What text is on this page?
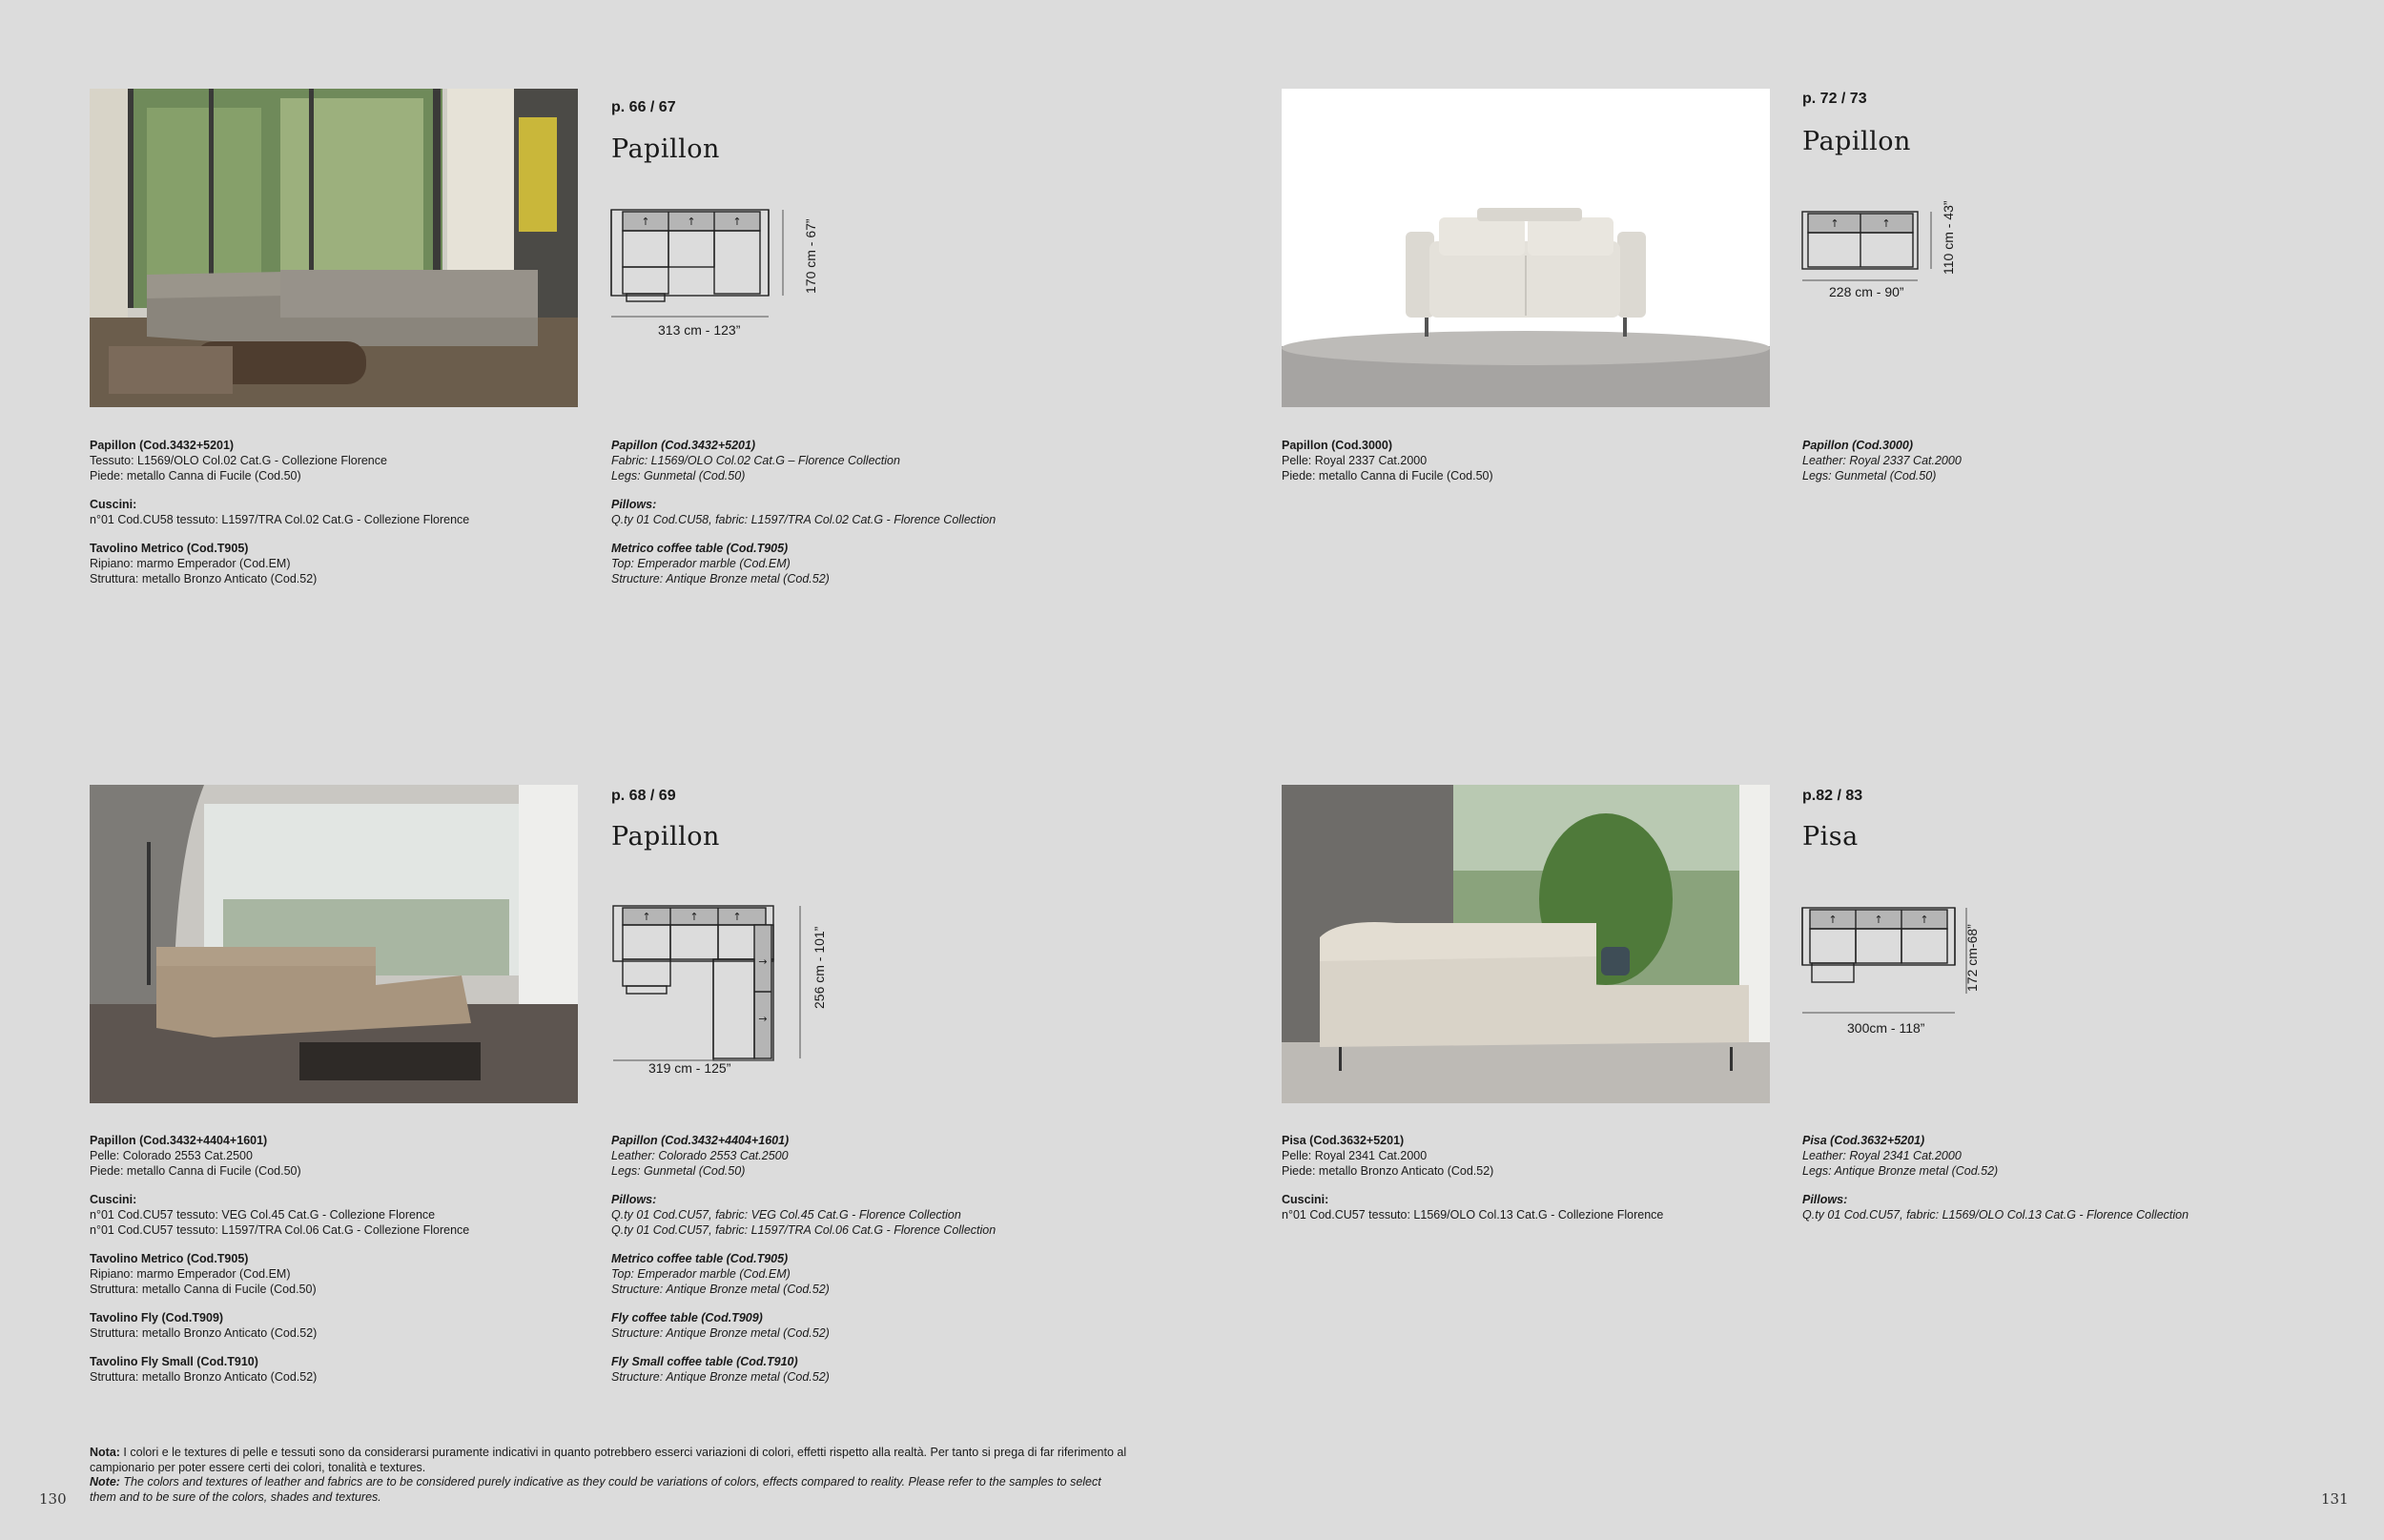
p. 66 / 67
Papillon
↑	↑	↑
313 cm - 123”
170 cm - 67”
Papillon (Cod.3432+5201)
Tessuto: L1569/OLO Col.02 Cat.G - Collezione Florence
Piede: metallo Canna di Fucile (Cod.50)
Cuscini:
n°01 Cod.CU58 tessuto: L1597/TRA Col.02 Cat.G - Collezione Florence
Tavolino Metrico (Cod.T905)
Ripiano: marmo Emperador (Cod.EM)
Struttura: metallo Bronzo Anticato (Cod.52)
Papillon (Cod.3432+5201)
Fabric: L1569/OLO Col.02 Cat.G – Florence Collection
Legs: Gunmetal (Cod.50)
Pillows:
Q.ty 01 Cod.CU58, fabric: L1597/TRA Col.02 Cat.G - Florence Collection
Metrico coffee table (Cod.T905)
Top: Emperador marble (Cod.EM)
Structure: Antique Bronze metal (Cod.52)
p. 72 / 73
Papillon
↑	↑
228 cm - 90”
110 cm - 43”
Papillon (Cod.3000)
Pelle: Royal 2337 Cat.2000
Piede: metallo Canna di Fucile (Cod.50)
Papillon (Cod.3000)
Leather: Royal 2337 Cat.2000
Legs: Gunmetal (Cod.50)
p. 68 / 69
Papillon
↑	↑	↑
→
→
319 cm - 125”
256 cm - 101”
Papillon (Cod.3432+4404+1601)
Pelle: Colorado 2553 Cat.2500
Piede: metallo Canna di Fucile (Cod.50)
Cuscini:
n°01 Cod.CU57 tessuto: VEG Col.45 Cat.G - Collezione Florence
n°01 Cod.CU57 tessuto: L1597/TRA Col.06 Cat.G - Collezione Florence
Tavolino Metrico (Cod.T905)
Ripiano: marmo Emperador (Cod.EM)
Struttura: metallo Canna di Fucile (Cod.50)
Tavolino Fly (Cod.T909)
Struttura: metallo Bronzo Anticato (Cod.52)
Tavolino Fly Small (Cod.T910)
Struttura: metallo Bronzo Anticato (Cod.52)
Papillon (Cod.3432+4404+1601)
Leather: Colorado 2553 Cat.2500
Legs: Gunmetal (Cod.50)
Pillows:
Q.ty 01 Cod.CU57, fabric: VEG Col.45 Cat.G - Florence Collection
Q.ty 01 Cod.CU57, fabric: L1597/TRA Col.06 Cat.G - Florence Collection
Metrico coffee table (Cod.T905)
Top: Emperador marble (Cod.EM)
Structure: Antique Bronze metal (Cod.52)
Fly coffee table (Cod.T909)
Structure: Antique Bronze metal (Cod.52)
Fly Small coffee table (Cod.T910)
Structure: Antique Bronze metal (Cod.52)
p.82 / 83
Pisa
↑	↑	↑
300cm - 118”
172 cm-68”
Pisa (Cod.3632+5201)
Pelle: Royal 2341 Cat.2000
Piede: metallo Bronzo Anticato (Cod.52)
Cuscini:
n°01 Cod.CU57 tessuto: L1569/OLO Col.13 Cat.G - Collezione Florence
Pisa (Cod.3632+5201)
Leather: Royal 2341 Cat.2000
Legs: Antique Bronze metal (Cod.52)
Pillows:
Q.ty 01 Cod.CU57, fabric: L1569/OLO Col.13 Cat.G - Florence Collection
Nota: I colori e le textures di pelle e tessuti sono da considerarsi puramente indicativi in quanto potrebbero esserci variazioni di colori, effetti rispetto alla realtà. Per tanto si prega di far riferimento al campionario per poter essere certi dei colori, tonalità e textures.
Note: The colors and textures of leather and fabrics are to be considered purely indicative as they could be variations of colors, effects compared to reality. Please refer to the samples to select them and to be sure of the colors, shades and textures.
130	131
